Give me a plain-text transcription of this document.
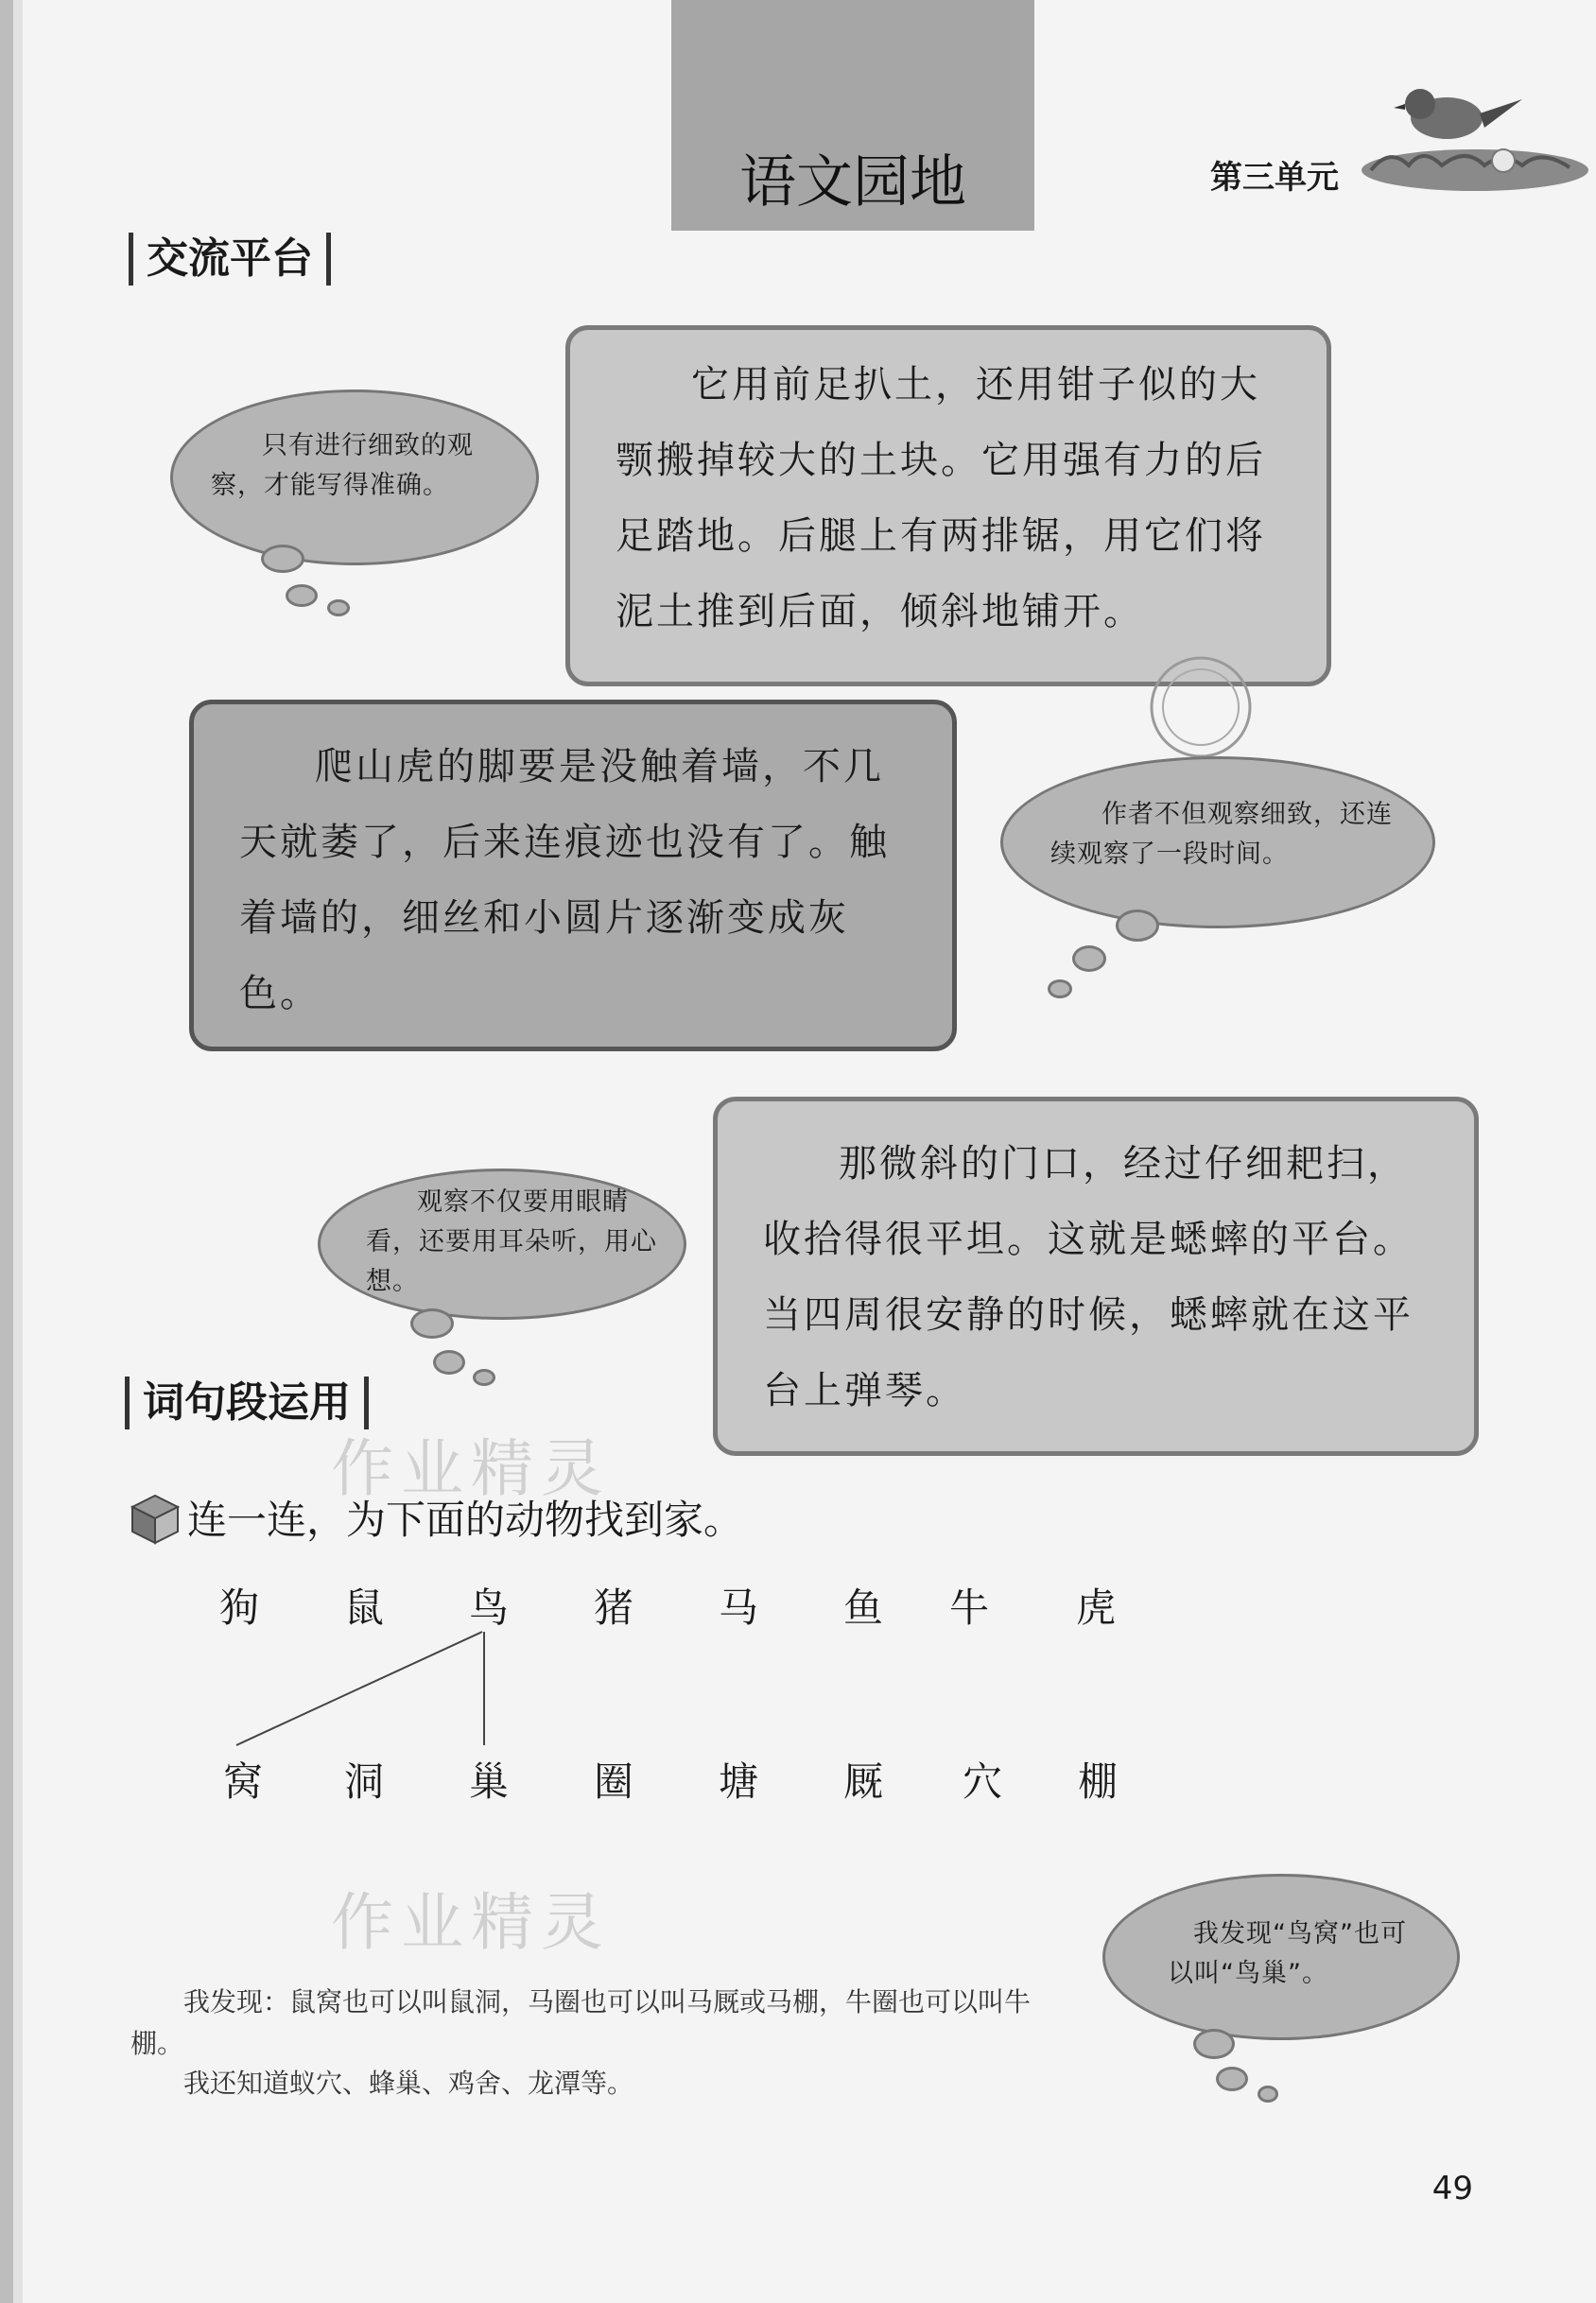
语文园地	第三单元
交流平台
它用前足扒土，还用钳子似的大颚搬掉较大的土块。它用强有力的后足踏地。后腿上有两排锯，用它们将泥土推到后面，倾斜地铺开。
只有进行细致的观察，才能写得准确。
爬山虎的脚要是没触着墙，不几天就萎了，后来连痕迹也没有了。触着墙的，细丝和小圆片逐渐变成灰色。
作者不但观察细致，还连续观察了一段时间。
那微斜的门口，经过仔细耙扫，收拾得很平坦。这就是蟋蟀的平台。当四周很安静的时候，蟋蟀就在这平台上弹琴。
观察不仅要用眼睛看，还要用耳朵听，用心想。
词句段运用
作业精灵
连一连，为下面的动物找到家。
狗 鼠 鸟 猪 马 鱼 牛 虎
窝 洞 巢 圈 塘 厩 穴 棚
作业精灵
我发现：鼠窝也可以叫鼠洞，马圈也可以叫马厩或马棚，牛圈也可以叫牛棚。
我还知道蚁穴、蜂巢、鸡舍、龙潭等。
我发现“鸟窝”也可以叫“鸟巢”。
49
